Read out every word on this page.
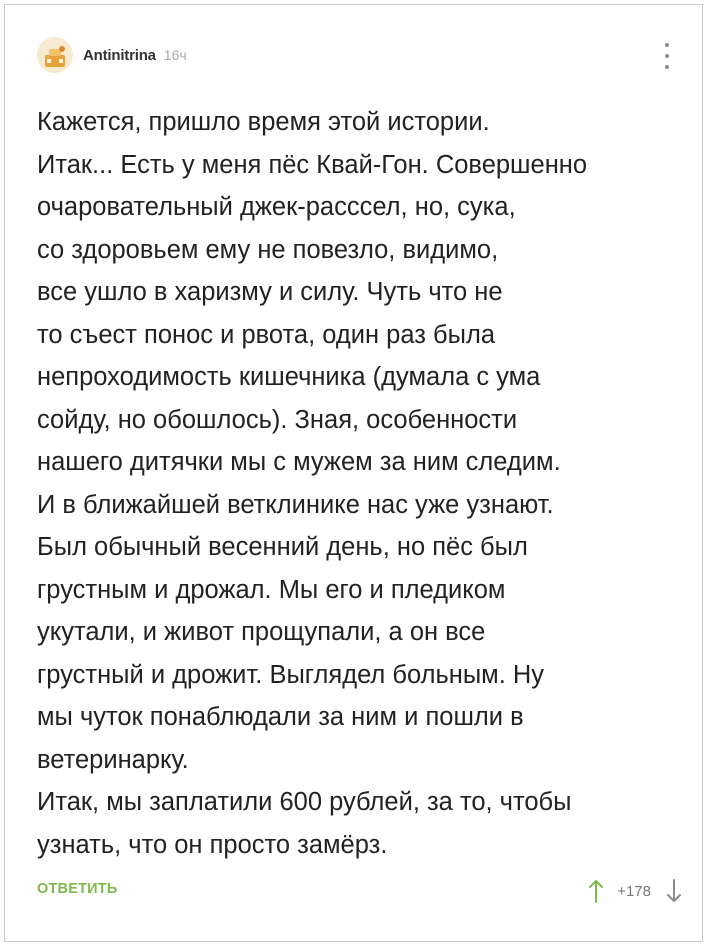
Antinitrina 16ч
Кажется, пришло время этой истории.
Итак... Есть у меня пёс Квай-Гон. Совершенно
очаровательный джек-расссел, но, сука,
со здоровьем ему не повезло, видимо,
все ушло в харизму и силу. Чуть что не
то съест понос и рвота, один раз была
непроходимость кишечника (думала с ума
сойду, но обошлось). Зная, особенности
нашего дитячки мы с мужем за ним следим.
И в ближайшей ветклинике нас уже узнают.
Был обычный весенний день, но пёс был
грустным и дрожал. Мы его и пледиком
укутали, и живот прощупали, а он все
грустный и дрожит. Выглядел больным. Ну
мы чуток понаблюдали за ним и пошли в
ветеринарку.
Итак, мы заплатили 600 рублей, за то, чтобы
узнать, что он просто замёрз.
ОТВЕТИТЬ	+178
